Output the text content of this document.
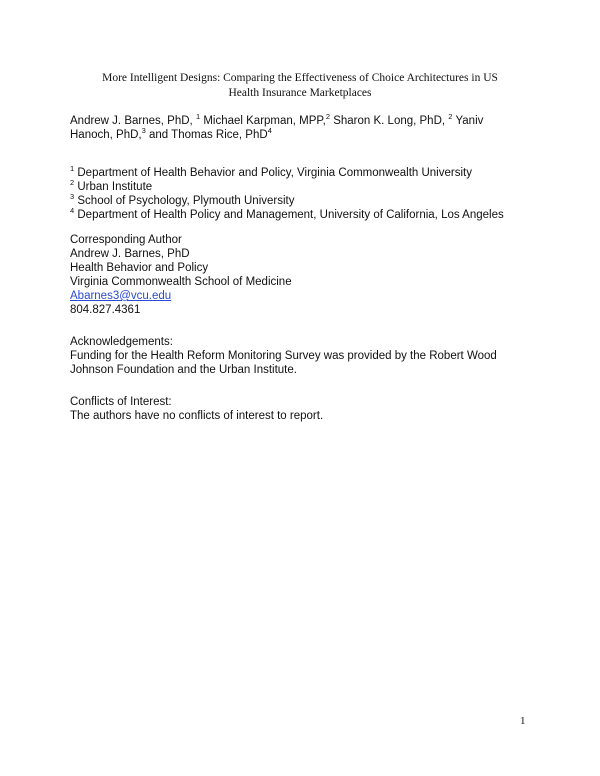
More Intelligent Designs: Comparing the Effectiveness of Choice Architectures in US
Health Insurance Marketplaces

Andrew J. Barnes, PhD, $^1$ Michael Karpman, MPP,$^2$ Sharon K. Long, PhD, $^2$ Yaniv Hanoch, PhD,$^3$ and Thomas Rice, PhD$^4$

$^1$ Department of Health Behavior and Policy, Virginia Commonwealth University
$^2$ Urban Institute
$^3$ School of Psychology, Plymouth University
$^4$ Department of Health Policy and Management, University of California, Los Angeles
Corresponding Author
Andrew J. Barnes, PhD
Health Behavior and Policy
Virginia Commonwealth School of Medicine
Abarnes3@vcu.edu
804.827.4361
Acknowledgements:
Funding for the Health Reform Monitoring Survey was provided by the Robert Wood Johnson Foundation and the Urban Institute.
Conflicts of Interest:
The authors have no conflicts of interest to report.

1
